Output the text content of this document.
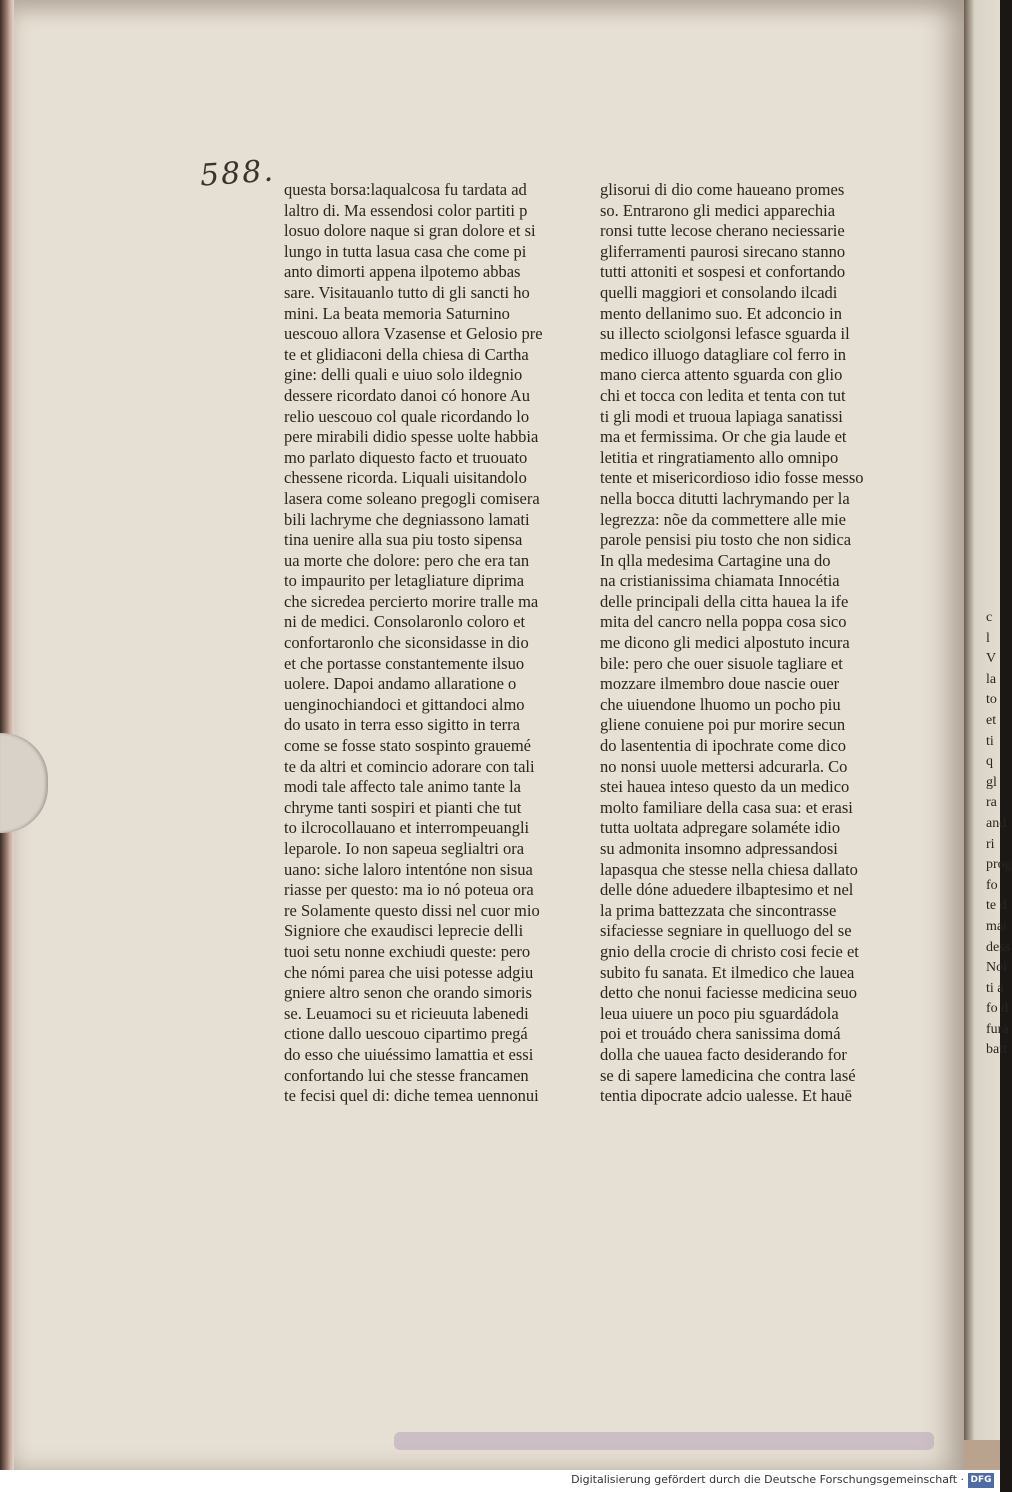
588. questa borsa:laqualcosa fu tardata ad
laltro di. Ma essendosi color partiti p
losuo dolore naque si gran dolore et si
lungo in tutta lasua casa che come pi
anto dimorti appena ilpotemo abbas
sare. Visitauanlo tutto di gli sancti ho
mini. La beata memoria Saturnino
uescouo allora Vzasense et Gelosio pre
te et glidiaconi della chiesa di Cartha
gine: delli quali e uiuo solo ildegnio
dessere ricordato danoi có honore Au
relio uescouo col quale ricordando lo
pere mirabili didio spesse uolte habbia
mo parlato diquesto facto et truouato
chessene ricorda. Liquali uisitandolo
lasera come soleano pregogli comisera
bili lachryme che degniassono lamati
tina uenire alla sua piu tosto sipensa
ua morte che dolore: pero che era tan
to impaurito per letagliature diprima
che sicredea percierto morire tralle ma
ni de medici. Consolaronlo coloro et
confortaronlo che siconsidasse in dio
et che portasse constantemente ilsuo
uolere. Dapoi andamo allaratione o
uenginochiandoci et gittandoci almo
do usato in terra esso sigitto in terra
come se fosse stato sospinto grauemé
te da altri et comincio adorare con tali
modi tale affecto tale animo tante la
chryme tanti sospiri et pianti che tut
to ilcrocollauano et interrompeuangli
leparole. Io non sapeua seglialtri ora
uano: siche laloro intentóne non sisua
riasse per questo: ma io nó poteua ora
re Solamente questo dissi nel cuor mio
Signiore che exaudisci leprecie delli
tuoi setu nonne exchiudi queste: pero
che nómi parea che uisi potesse adgiu
gniere altro senon che orando simoris
se. Leuamoci su et ricieuuta labenedi
ctione dallo uescouo cipartimo pregá
do esso che uiuéssimo lamattia et essi
confortando lui che stesse francamen
te fecisi quel di: diche temea uennonui
glisorui di dio come haueano promes
so. Entrarono gli medici apparechia
ronsi tutte lecose cherano neciessarie
gliferramenti paurosi sirecano stanno
tutti attoniti et sospesi et confortando
quelli maggiori et consolando ilcadi
mento dellanimo suo. Et adconcio in
su illecto sciolgonsi lefasce sguarda il
medico illuogo datagliare col ferro in
mano cierca attento sguarda con glio
chi et tocca con ledita et tenta con tut
ti gli modi et truoua lapiaga sanatissi
ma et fermissima. Or che gia laude et
letitia et ringratiamento allo omnipo
tente et misericordioso idio fosse messo
nella bocca ditutti lachrymando per la
legrezza: nõe da commettere alle mie
parole pensisi piu tosto che non sidica
In qlla medesima Cartagine una do
na cristianissima chiamata Innocétia
delle principali della citta hauea la ife
mita del cancro nella poppa cosa sico
me dicono gli medici alpostuto incura
bile: pero che ouer sisuole tagliare et
mozzare ilmembro doue nascie ouer
che uiuendone lhuomo un pocho piu
gliene conuiene poi pur morire secun
do lasententia di ipochrate come dico
no nonsi uuole mettersi adcurarla. Co
stei hauea inteso questo da un medico
molto familiare della casa sua: et erasi
tutta uoltata adpregare solaméte idio
su admonita insomno adpressandosi
lapasqua che stesse nella chiesa dallato
delle dóne aduedere ilbaptesimo et nel
la prima battezzata che sincontrasse
sifaciesse segniare in quelluogo del se
gnio della crocie di christo cosi fecie et
subito fu sanata. Et ilmedico che lauea
detto che nonui faciesse medicina seuo
leua uiuere un poco piu sguardádola
poi et trouádo chera sanissima domá
dolla che uauea facto desiderando for
se di sapere lamedicina che contra lasé
tentia dipocrate adcio ualesse. Et hauē
c
l
V
la
to
et
ti
q
gl
ra
and
ri
prog
fo
te d
mai
dess
Noi
ti a
fo d
fura
batt
Digitalisierung gefördert durch die Deutsche Forschungsgemeinschaft · DFG
